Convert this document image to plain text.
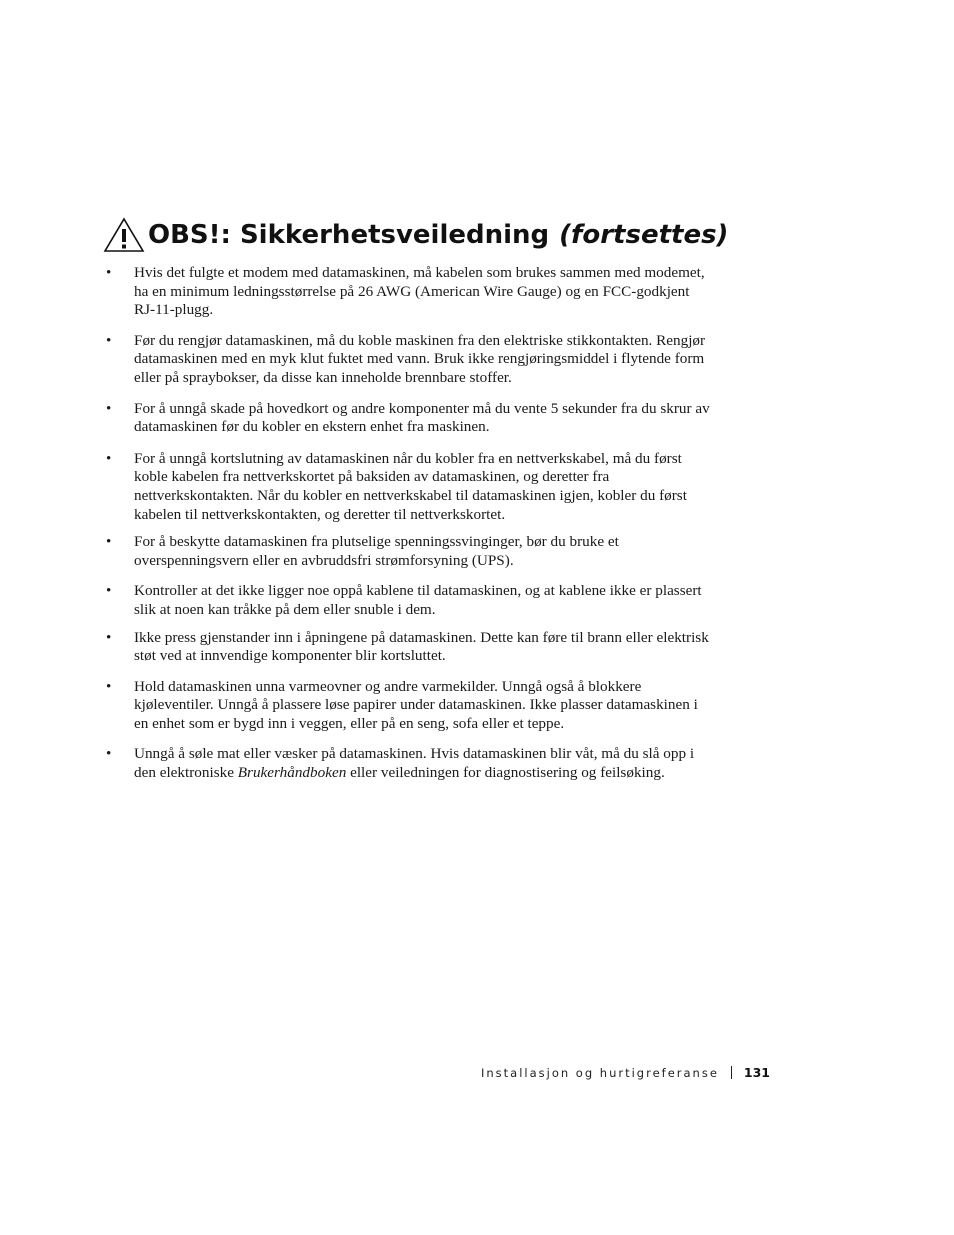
OBS!: Sikkerhetsveiledning (fortsettes)
• Hvis det fulgte et modem med datamaskinen, må kabelen som brukes sammen med modemet, ha en minimum ledningsstørrelse på 26 AWG (American Wire Gauge) og en FCC-godkjent RJ-11-plugg.
• Før du rengjør datamaskinen, må du koble maskinen fra den elektriske stikkontakten. Rengjør datamaskinen med en myk klut fuktet med vann. Bruk ikke rengjøringsmiddel i flytende form eller på spraybokser, da disse kan inneholde brennbare stoffer.
• For å unngå skade på hovedkort og andre komponenter må du vente 5 sekunder fra du skrur av datamaskinen før du kobler en ekstern enhet fra maskinen.
• For å unngå kortslutning av datamaskinen når du kobler fra en nettverkskabel, må du først koble kabelen fra nettverkskortet på baksiden av datamaskinen, og deretter fra nettverkskontakten. Når du kobler en nettverkskabel til datamaskinen igjen, kobler du først kabelen til nettverkskontakten, og deretter til nettverkskortet.
• For å beskytte datamaskinen fra plutselige spenningssvinginger, bør du bruke et overspenningsvern eller en avbruddsfri strømforsyning (UPS).
• Kontroller at det ikke ligger noe oppå kablene til datamaskinen, og at kablene ikke er plassert slik at noen kan tråkke på dem eller snuble i dem.
• Ikke press gjenstander inn i åpningene på datamaskinen. Dette kan føre til brann eller elektrisk støt ved at innvendige komponenter blir kortsluttet.
• Hold datamaskinen unna varmeovner og andre varmekilder. Unngå også å blokkere kjøleventiler. Unngå å plassere løse papirer under datamaskinen. Ikke plasser datamaskinen i en enhet som er bygd inn i veggen, eller på en seng, sofa eller et teppe.
• Unngå å søle mat eller væsker på datamaskinen. Hvis datamaskinen blir våt, må du slå opp i den elektroniske Brukerhåndboken eller veiledningen for diagnostisering og feilsøking.
Installasjon og hurtigreferanse 131
